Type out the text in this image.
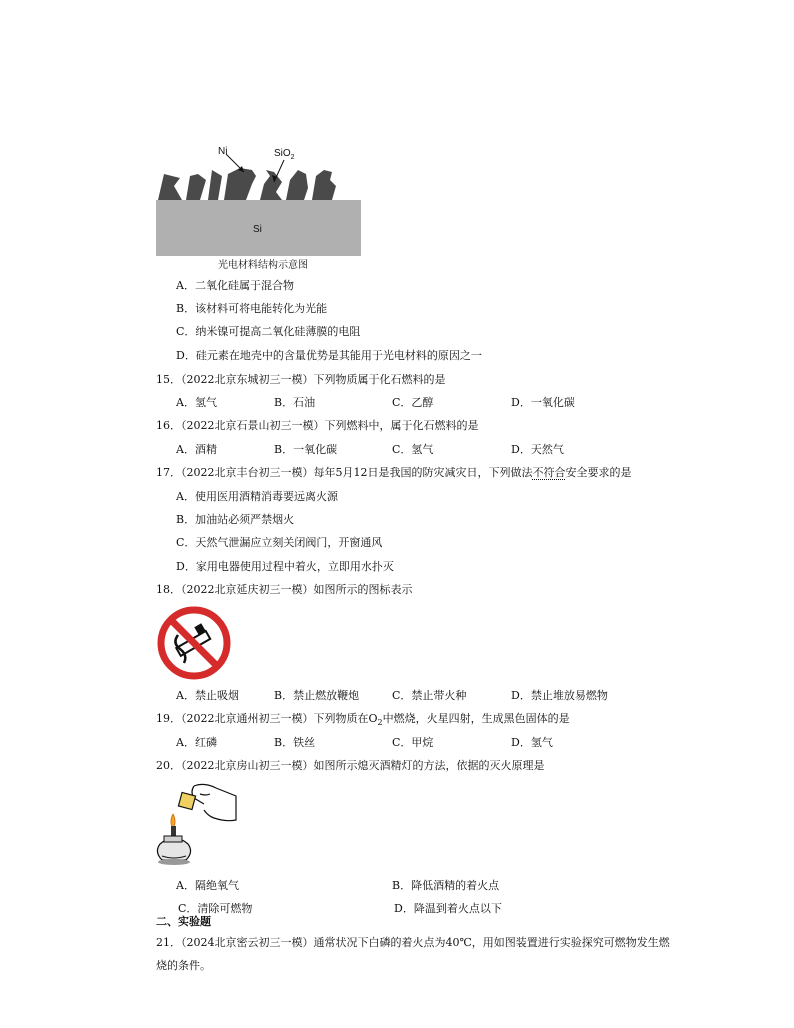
Ni	SiO$_2$
Si
光电材料结构示意图
A．二氧化硅属于混合物
B．该材料可将电能转化为光能
C．纳米镍可提高二氧化硅薄膜的电阻
D．硅元素在地壳中的含量优势是其能用于光电材料的原因之一
15．（2022北京东城初三一模）下列物质属于化石燃料的是
A．氢气	B．石油	C．乙醇	D．一氧化碳
16．（2022北京石景山初三一模）下列燃料中，属于化石燃料的是
A．酒精	B．一氧化碳	C．氢气	D．天然气
17．（2022北京丰台初三一模）每年5月12日是我国的防灾减灾日，下列做法不符合安全要求的是
A．使用医用酒精消毒要远离火源
B．加油站必须严禁烟火
C．天然气泄漏应立刻关闭阀门，开窗通风
D．家用电器使用过程中着火，立即用水扑灭
18．（2022北京延庆初三一模）如图所示的图标表示
A．禁止吸烟	B．禁止燃放鞭炮	C．禁止带火种	D．禁止堆放易燃物
19．（2022北京通州初三一模）下列物质在$O_2$中燃烧，火星四射，生成黑色固体的是
A．红磷	B．铁丝	C．甲烷	D．氢气
20．（2022北京房山初三一模）如图所示熄灭酒精灯的方法，依据的灭火原理是
A．隔绝氧气	B．降低酒精的着火点
C．清除可燃物	D．降温到着火点以下
二、实验题
21．（2024北京密云初三一模）通常状况下白磷的着火点为40℃，用如图装置进行实验探究可燃物发生燃
烧的条件。
